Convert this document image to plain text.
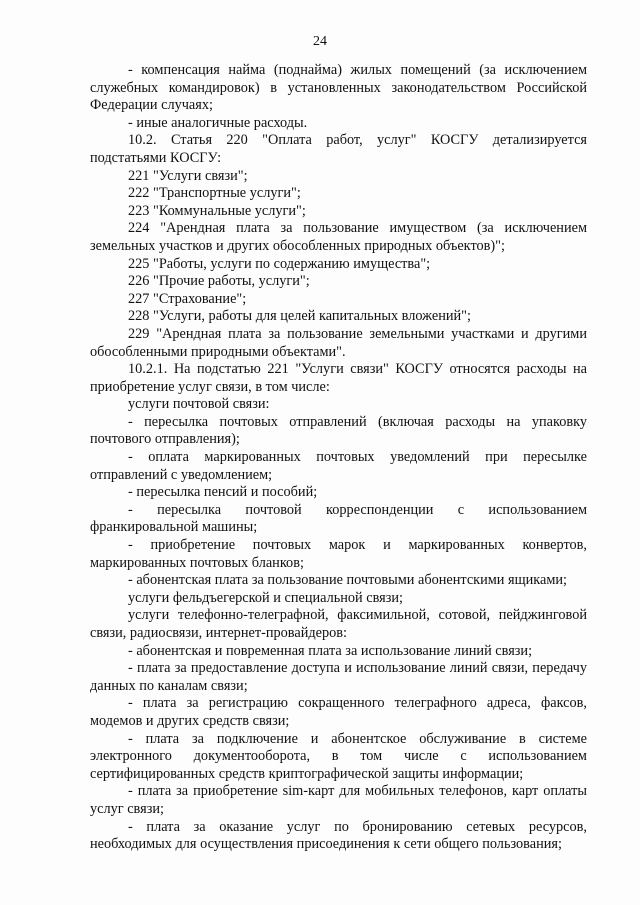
24

- компенсация найма (поднайма) жилых помещений (за исключением служебных командировок) в установленных законодательством Российской Федерации случаях;

- иные аналогичные расходы.

10.2. Статья 220 "Оплата работ, услуг" КОСГУ детализируется подстатьями КОСГУ:

221 "Услуги связи";

222 "Транспортные услуги";

223 "Коммунальные услуги";

224 "Арендная плата за пользование имуществом (за исключением земельных участков и других обособленных природных объектов)";

225 "Работы, услуги по содержанию имущества";

226 "Прочие работы, услуги";

227 "Страхование";

228 "Услуги, работы для целей капитальных вложений";

229 "Арендная плата за пользование земельными участками и другими обособленными природными объектами".

10.2.1. На подстатью 221 "Услуги связи" КОСГУ относятся расходы на приобретение услуг связи, в том числе:

услуги почтовой связи:

- пересылка почтовых отправлений (включая расходы на упаковку почтового отправления);

- оплата маркированных почтовых уведомлений при пересылке отправлений с уведомлением;

- пересылка пенсий и пособий;

- пересылка почтовой корреспонденции с использованием франкировальной машины;

- приобретение почтовых марок и маркированных конвертов, маркированных почтовых бланков;

- абонентская плата за пользование почтовыми абонентскими ящиками;

услуги фельдъегерской и специальной связи;

услуги телефонно-телеграфной, факсимильной, сотовой, пейджинговой связи, радиосвязи, интернет-провайдеров:

- абонентская и повременная плата за использование линий связи;

- плата за предоставление доступа и использование линий связи, передачу данных по каналам связи;

- плата за регистрацию сокращенного телеграфного адреса, факсов, модемов и других средств связи;

- плата за подключение и абонентское обслуживание в системе электронного документооборота, в том числе с использованием сертифицированных средств криптографической защиты информации;

- плата за приобретение sim-карт для мобильных телефонов, карт оплаты услуг связи;

- плата за оказание услуг по бронированию сетевых ресурсов, необходимых для осуществления присоединения к сети общего пользования;
